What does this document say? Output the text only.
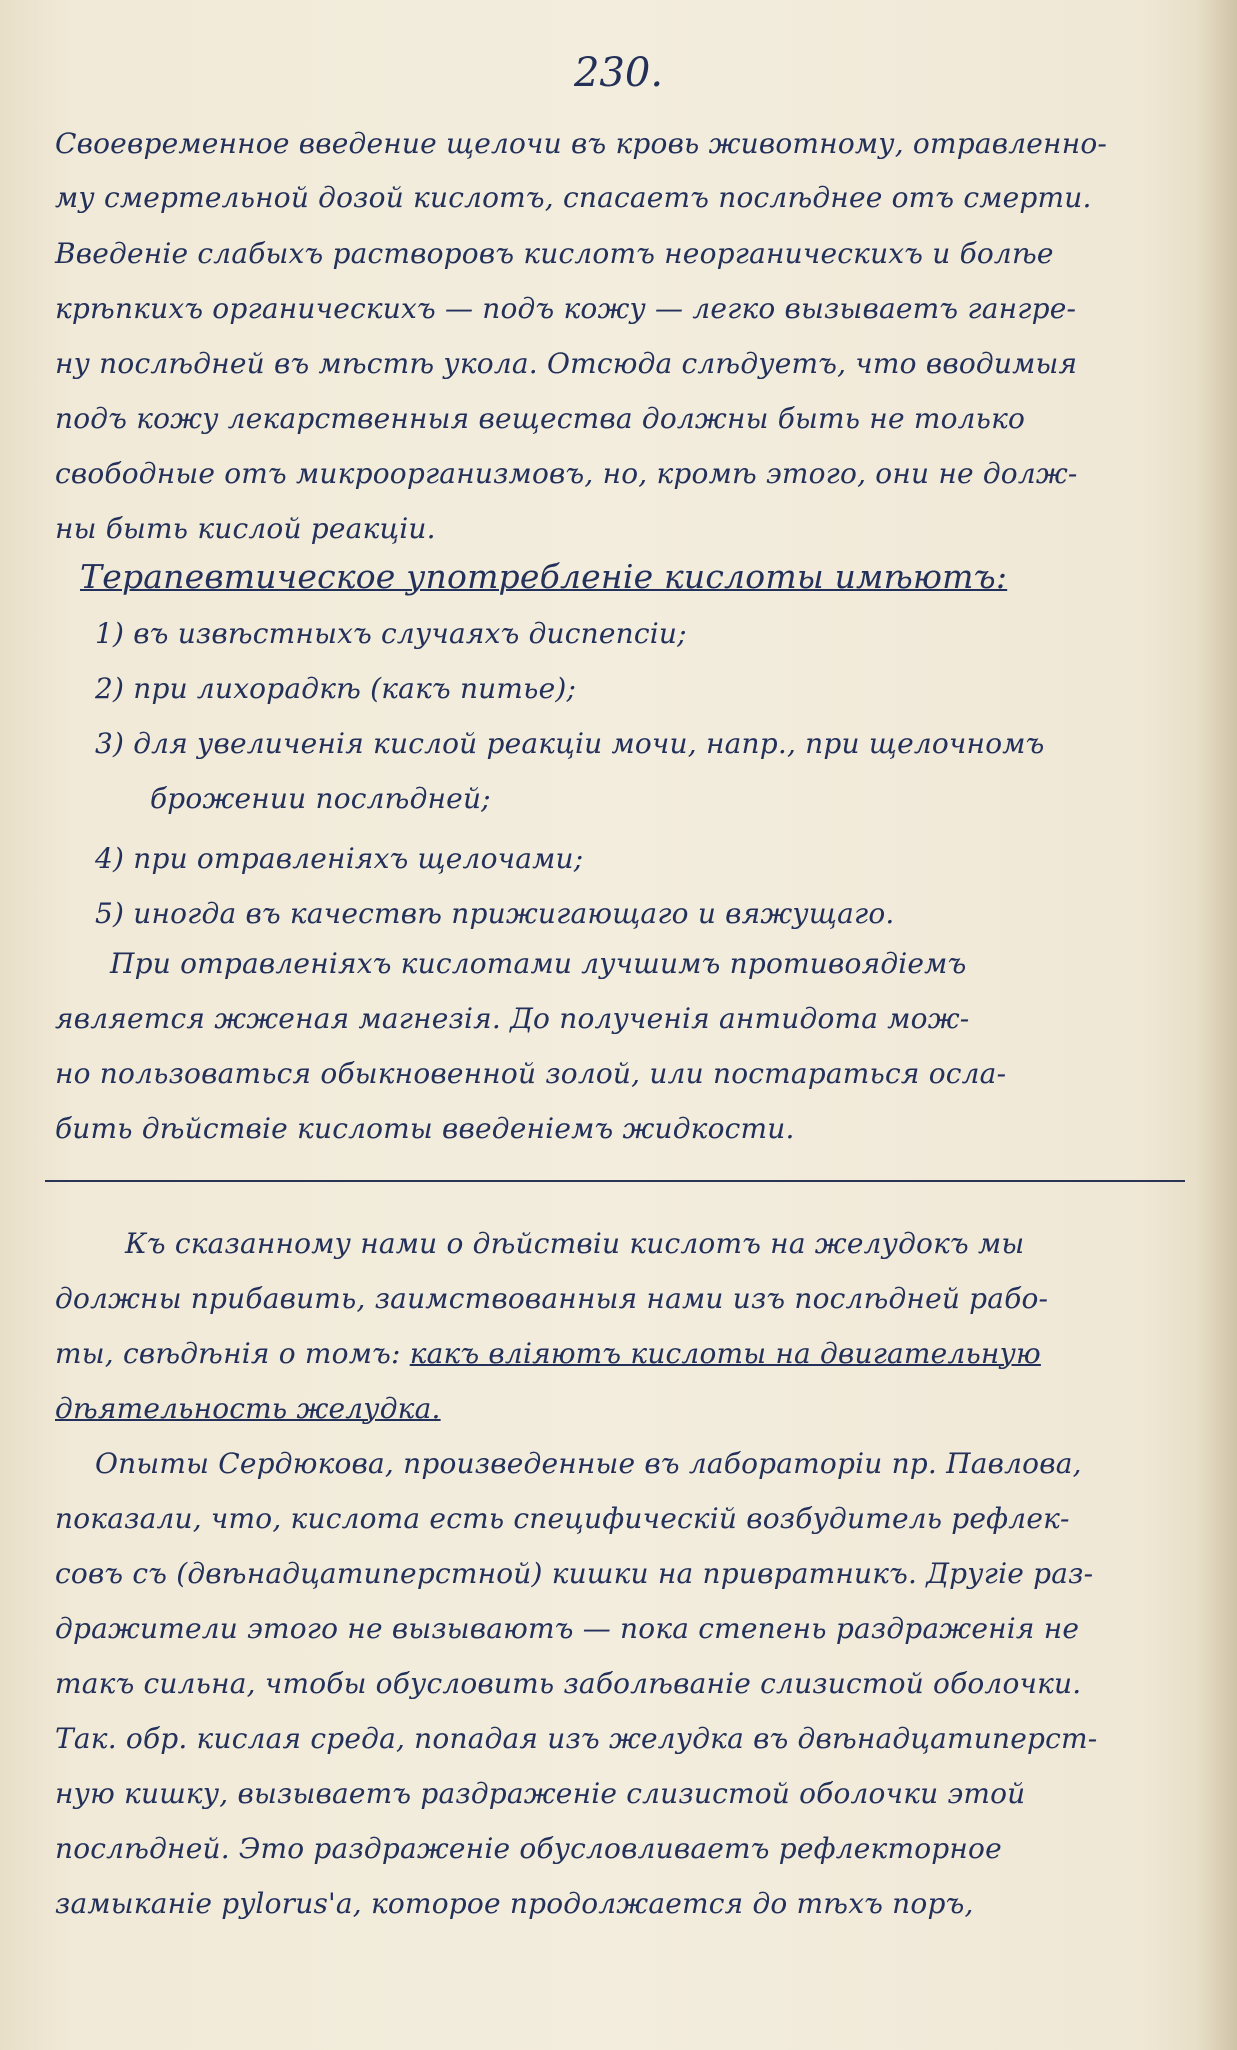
230.
Своевременное введение щелочи въ кровь животному, отравленно-
му смертельной дозой кислотъ, спасаетъ послѣднее отъ смерти.
Введеніе слабыхъ растворовъ кислотъ неорганическихъ и болѣе
крѣпкихъ органическихъ — подъ кожу — легко вызываетъ гангре-
ну послѣдней въ мѣстѣ укола. Отсюда слѣдуетъ, что вводимыя
подъ кожу лекарственныя вещества должны быть не только
свободные отъ микроорганизмовъ, но, кромѣ этого, они не долж-
ны быть кислой реакціи.
Терапевтическое употребленіе кислоты имѣютъ:
1) въ извѣстныхъ случаяхъ диспепсіи;
2) при лихорадкѣ (какъ питье);
3) для увеличенія кислой реакціи мочи, напр., при щелочномъ
брожении послѣдней;
4) при отравленіяхъ щелочами;
5) иногда въ качествѣ прижигающаго и вяжущаго.
При отравленіяхъ кислотами лучшимъ противоядіемъ
является жженая магнезія. До полученія антидота мож-
но пользоваться обыкновенной золой, или постараться осла-
бить дѣйствіе кислоты введеніемъ жидкости.
Къ сказанному нами о дѣйствіи кислотъ на желудокъ мы
должны прибавить, заимствованныя нами изъ послѣдней рабо-
ты, свѣдѣнія о томъ: какъ вліяютъ кислоты на двигательную
дѣятельность желудка.
Опыты Сердюкова, произведенные въ лабораторіи пр. Павлова,
показали, что, кислота есть специфическій возбудитель рефлек-
совъ съ (двѣнадцатиперстной) кишки на привратникъ. Другіе раз-
дражители этого не вызываютъ — пока степень раздраженія не
такъ сильна, чтобы обусловить заболѣваніе слизистой оболочки.
Так. обр. кислая среда, попадая изъ желудка въ двѣнадцатиперст-
ную кишку, вызываетъ раздраженіе слизистой оболочки этой
послѣдней. Это раздраженіе обусловливаетъ рефлекторное
замыканіе pylorus'а, которое продолжается до тѣхъ поръ,
